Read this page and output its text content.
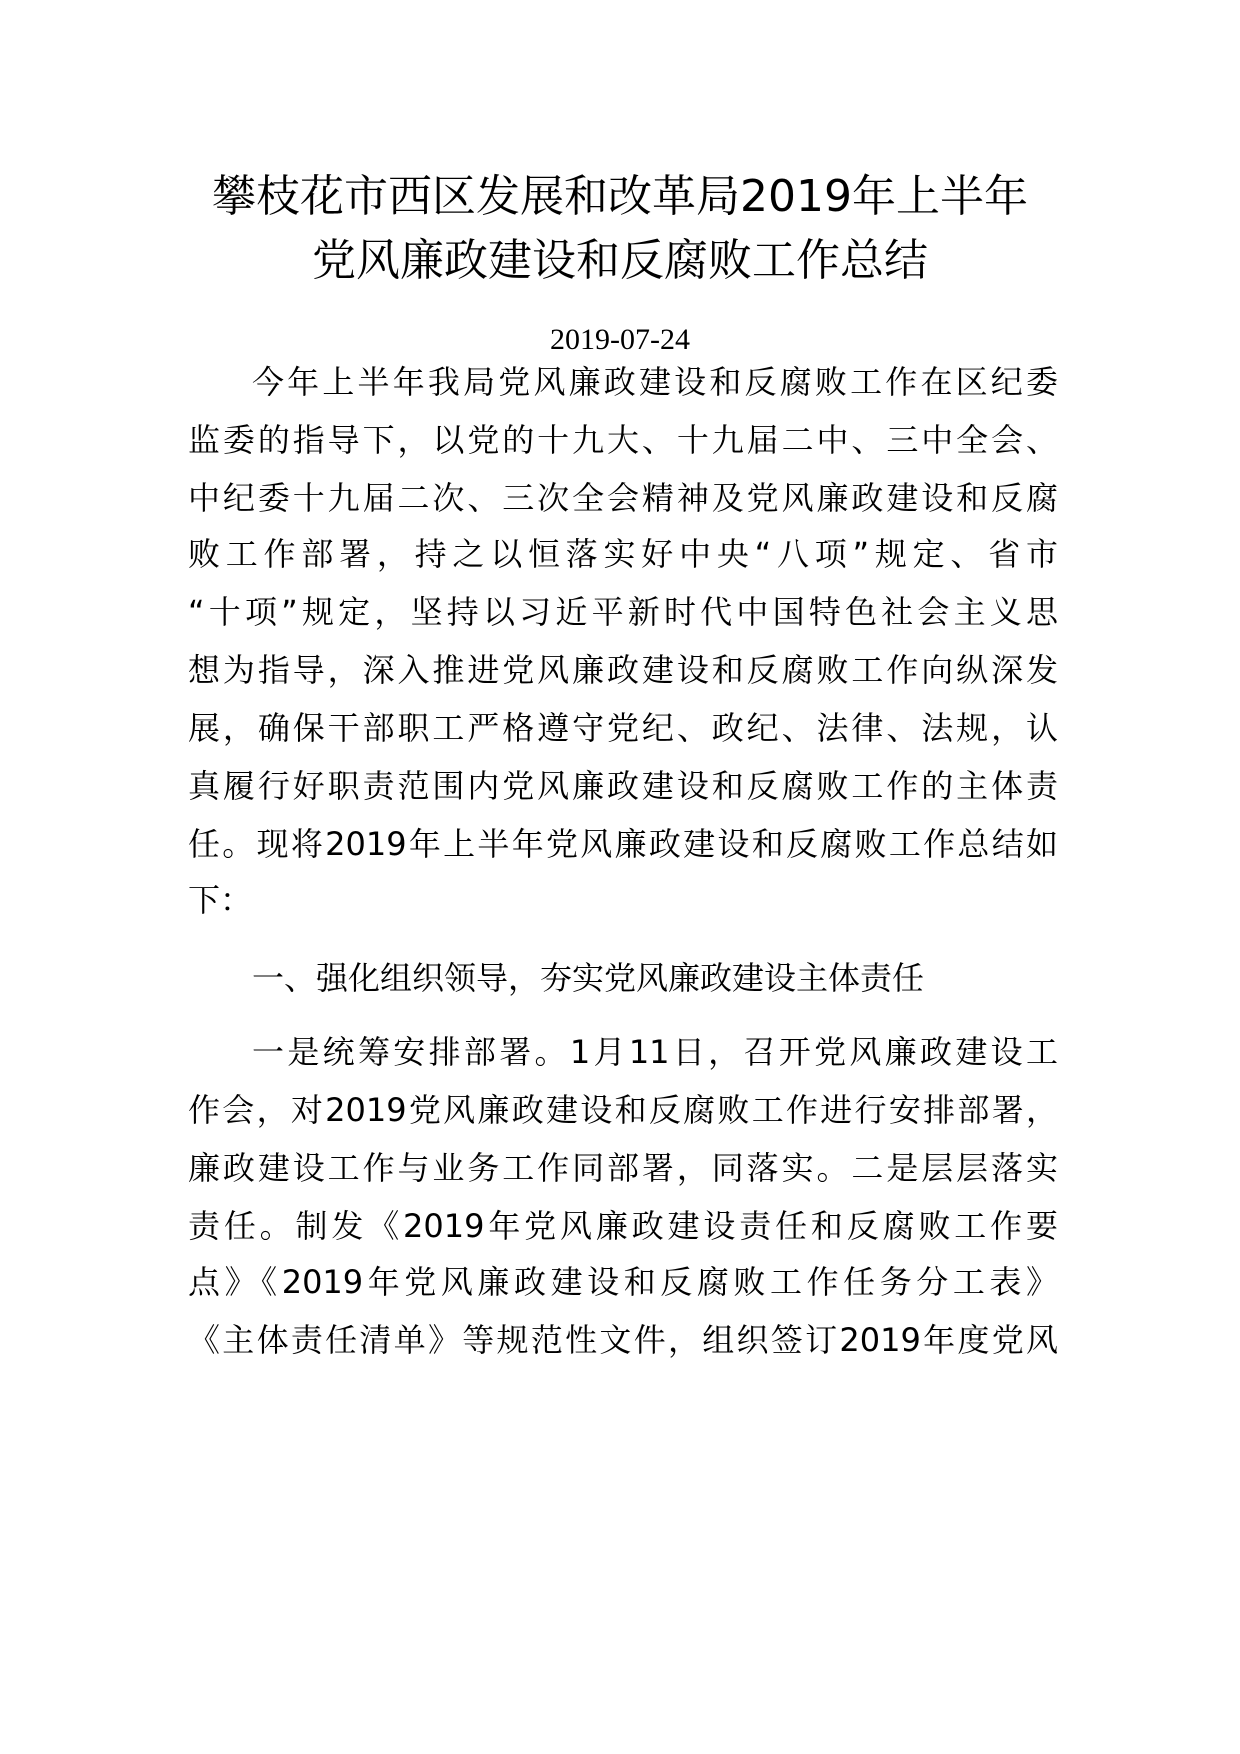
攀枝花市西区发展和改革局2019年上半年
党风廉政建设和反腐败工作总结
2019-07-24
今年上半年我局党风廉政建设和反腐败工作在区纪委
监委的指导下，以党的十九大、十九届二中、三中全会、
中纪委十九届二次、三次全会精神及党风廉政建设和反腐
败工作部署，持之以恒落实好中央“八项”规定、省市
“十项”规定，坚持以习近平新时代中国特色社会主义思
想为指导，深入推进党风廉政建设和反腐败工作向纵深发
展，确保干部职工严格遵守党纪、政纪、法律、法规，认
真履行好职责范围内党风廉政建设和反腐败工作的主体责
任。现将2019年上半年党风廉政建设和反腐败工作总结如
下：
一、强化组织领导，夯实党风廉政建设主体责任
一是统筹安排部署。1月11日，召开党风廉政建设工
作会，对2019党风廉政建设和反腐败工作进行安排部署，
廉政建设工作与业务工作同部署，同落实。二是层层落实
责任。制发《2019年党风廉政建设责任和反腐败工作要
点》《2019年党风廉政建设和反腐败工作任务分工表》
《主体责任清单》等规范性文件，组织签订2019年度党风
